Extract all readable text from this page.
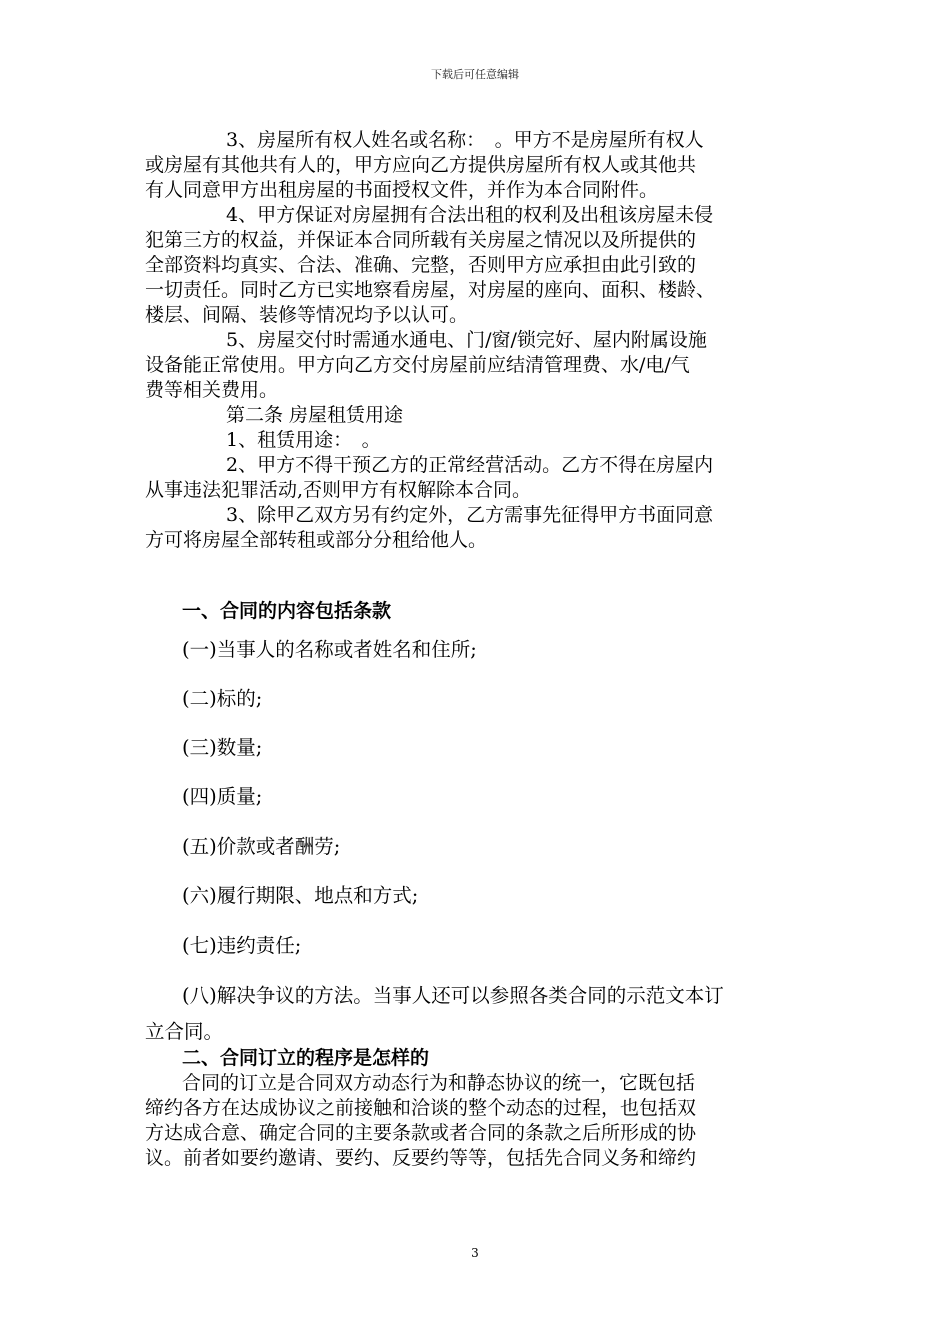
下载后可任意编辑
3、房屋所有权人姓名或名称：　。甲方不是房屋所有权人
或房屋有其他共有人的，甲方应向乙方提供房屋所有权人或其他共
有人同意甲方出租房屋的书面授权文件，并作为本合同附件。
4、甲方保证对房屋拥有合法出租的权利及出租该房屋未侵
犯第三方的权益，并保证本合同所载有关房屋之情况以及所提供的
全部资料均真实、合法、准确、完整，否则甲方应承担由此引致的
一切责任。同时乙方已实地察看房屋，对房屋的座向、面积、楼龄、
楼层、间隔、装修等情况均予以认可。
5、房屋交付时需通水通电、门/窗/锁完好、屋内附属设施
设备能正常使用。甲方向乙方交付房屋前应结清管理费、水/电/气
费等相关费用。
第二条 房屋租赁用途
1、租赁用途：　。
2、甲方不得干预乙方的正常经营活动。乙方不得在房屋内
从事违法犯罪活动,否则甲方有权解除本合同。
3、除甲乙双方另有约定外，乙方需事先征得甲方书面同意
方可将房屋全部转租或部分分租给他人。
一、合同的内容包括条款
(一)当事人的名称或者姓名和住所;
(二)标的;
(三)数量;
(四)质量;
(五)价款或者酬劳;
(六)履行期限、地点和方式;
(七)违约责任;
(八)解决争议的方法。当事人还可以参照各类合同的示范文本订
立合同。
二、合同订立的程序是怎样的
合同的订立是合同双方动态行为和静态协议的统一，它既包括
缔约各方在达成协议之前接触和洽谈的整个动态的过程，也包括双
方达成合意、确定合同的主要条款或者合同的条款之后所形成的协
议。前者如要约邀请、要约、反要约等等，包括先合同义务和缔约
3
